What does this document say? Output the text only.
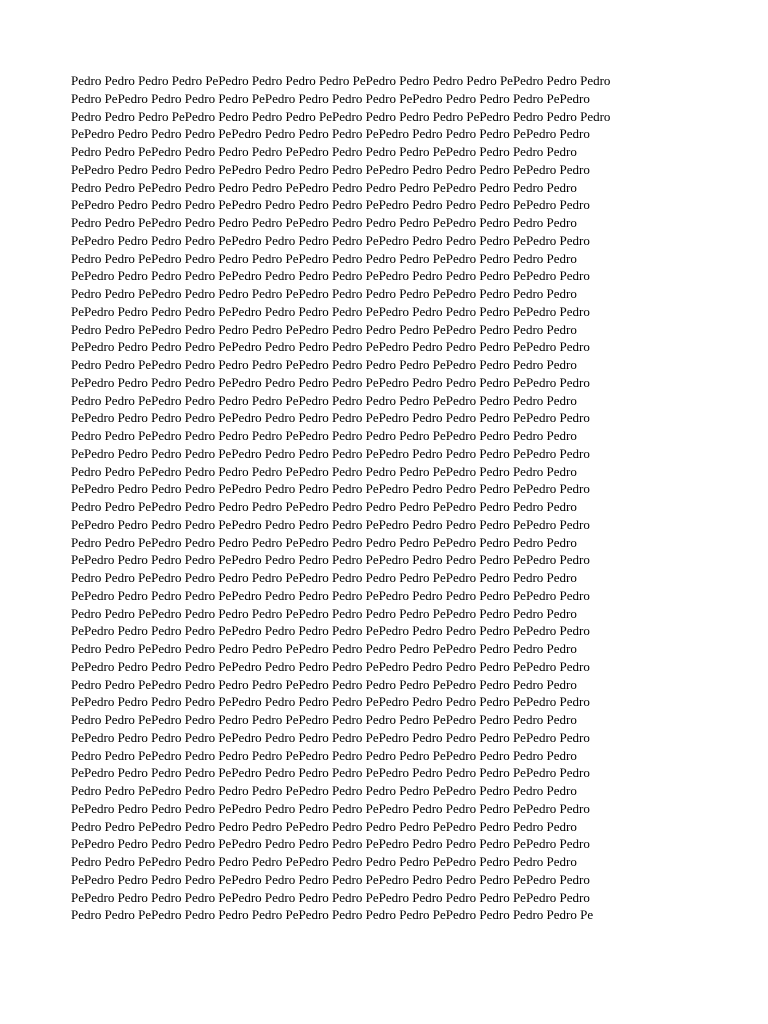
Pedro Pedro Pedro Pedro PePedro Pedro Pedro Pedro PePedro Pedro Pedro Pedro PePedro Pedro Pedro
Pedro PePedro Pedro Pedro Pedro PePedro Pedro Pedro Pedro PePedro Pedro Pedro Pedro PePedro
Pedro Pedro Pedro PePedro Pedro Pedro Pedro PePedro Pedro Pedro Pedro PePedro Pedro Pedro Pedro
PePedro Pedro Pedro Pedro PePedro Pedro Pedro Pedro PePedro Pedro Pedro Pedro PePedro Pedro
Pedro Pedro PePedro Pedro Pedro Pedro PePedro Pedro Pedro Pedro PePedro Pedro Pedro Pedro
PePedro Pedro Pedro Pedro PePedro Pedro Pedro Pedro PePedro Pedro Pedro Pedro PePedro Pedro
Pedro Pedro PePedro Pedro Pedro Pedro PePedro Pedro Pedro Pedro PePedro Pedro Pedro Pedro
PePedro Pedro Pedro Pedro PePedro Pedro Pedro Pedro PePedro Pedro Pedro Pedro PePedro Pedro
Pedro Pedro PePedro Pedro Pedro Pedro PePedro Pedro Pedro Pedro PePedro Pedro Pedro Pedro
PePedro Pedro Pedro Pedro PePedro Pedro Pedro Pedro PePedro Pedro Pedro Pedro PePedro Pedro
Pedro Pedro PePedro Pedro Pedro Pedro PePedro Pedro Pedro Pedro PePedro Pedro Pedro Pedro
PePedro Pedro Pedro Pedro PePedro Pedro Pedro Pedro PePedro Pedro Pedro Pedro PePedro Pedro
Pedro Pedro PePedro Pedro Pedro Pedro PePedro Pedro Pedro Pedro PePedro Pedro Pedro Pedro
PePedro Pedro Pedro Pedro PePedro Pedro Pedro Pedro PePedro Pedro Pedro Pedro PePedro Pedro
Pedro Pedro PePedro Pedro Pedro Pedro PePedro Pedro Pedro Pedro PePedro Pedro Pedro Pedro
PePedro Pedro Pedro Pedro PePedro Pedro Pedro Pedro PePedro Pedro Pedro Pedro PePedro Pedro
Pedro Pedro PePedro Pedro Pedro Pedro PePedro Pedro Pedro Pedro PePedro Pedro Pedro Pedro
PePedro Pedro Pedro Pedro PePedro Pedro Pedro Pedro PePedro Pedro Pedro Pedro PePedro Pedro
Pedro Pedro PePedro Pedro Pedro Pedro PePedro Pedro Pedro Pedro PePedro Pedro Pedro Pedro
PePedro Pedro Pedro Pedro PePedro Pedro Pedro Pedro PePedro Pedro Pedro Pedro PePedro Pedro
Pedro Pedro PePedro Pedro Pedro Pedro PePedro Pedro Pedro Pedro PePedro Pedro Pedro Pedro
PePedro Pedro Pedro Pedro PePedro Pedro Pedro Pedro PePedro Pedro Pedro Pedro PePedro Pedro
Pedro Pedro PePedro Pedro Pedro Pedro PePedro Pedro Pedro Pedro PePedro Pedro Pedro Pedro
PePedro Pedro Pedro Pedro PePedro Pedro Pedro Pedro PePedro Pedro Pedro Pedro PePedro Pedro
Pedro Pedro PePedro Pedro Pedro Pedro PePedro Pedro Pedro Pedro PePedro Pedro Pedro Pedro
PePedro Pedro Pedro Pedro PePedro Pedro Pedro Pedro PePedro Pedro Pedro Pedro PePedro Pedro
Pedro Pedro PePedro Pedro Pedro Pedro PePedro Pedro Pedro Pedro PePedro Pedro Pedro Pedro
PePedro Pedro Pedro Pedro PePedro Pedro Pedro Pedro PePedro Pedro Pedro Pedro PePedro Pedro
Pedro Pedro PePedro Pedro Pedro Pedro PePedro Pedro Pedro Pedro PePedro Pedro Pedro Pedro
PePedro Pedro Pedro Pedro PePedro Pedro Pedro Pedro PePedro Pedro Pedro Pedro PePedro Pedro
Pedro Pedro PePedro Pedro Pedro Pedro PePedro Pedro Pedro Pedro PePedro Pedro Pedro Pedro
PePedro Pedro Pedro Pedro PePedro Pedro Pedro Pedro PePedro Pedro Pedro Pedro PePedro Pedro
Pedro Pedro PePedro Pedro Pedro Pedro PePedro Pedro Pedro Pedro PePedro Pedro Pedro Pedro
PePedro Pedro Pedro Pedro PePedro Pedro Pedro Pedro PePedro Pedro Pedro Pedro PePedro Pedro
Pedro Pedro PePedro Pedro Pedro Pedro PePedro Pedro Pedro Pedro PePedro Pedro Pedro Pedro
PePedro Pedro Pedro Pedro PePedro Pedro Pedro Pedro PePedro Pedro Pedro Pedro PePedro Pedro
Pedro Pedro PePedro Pedro Pedro Pedro PePedro Pedro Pedro Pedro PePedro Pedro Pedro Pedro
PePedro Pedro Pedro Pedro PePedro Pedro Pedro Pedro PePedro Pedro Pedro Pedro PePedro Pedro
Pedro Pedro PePedro Pedro Pedro Pedro PePedro Pedro Pedro Pedro PePedro Pedro Pedro Pedro
PePedro Pedro Pedro Pedro PePedro Pedro Pedro Pedro PePedro Pedro Pedro Pedro PePedro Pedro
Pedro Pedro PePedro Pedro Pedro Pedro PePedro Pedro Pedro Pedro PePedro Pedro Pedro Pedro
PePedro Pedro Pedro Pedro PePedro Pedro Pedro Pedro PePedro Pedro Pedro Pedro PePedro Pedro
Pedro Pedro PePedro Pedro Pedro Pedro PePedro Pedro Pedro Pedro PePedro Pedro Pedro Pedro
PePedro Pedro Pedro Pedro PePedro Pedro Pedro Pedro PePedro Pedro Pedro Pedro PePedro Pedro
Pedro Pedro PePedro Pedro Pedro Pedro PePedro Pedro Pedro Pedro PePedro Pedro Pedro Pedro
PePedro Pedro Pedro Pedro PePedro Pedro Pedro Pedro PePedro Pedro Pedro Pedro PePedro Pedro
PePedro Pedro Pedro Pedro PePedro Pedro Pedro Pedro PePedro Pedro Pedro Pedro PePedro Pedro
Pedro Pedro PePedro Pedro Pedro Pedro PePedro Pedro Pedro Pedro PePedro Pedro Pedro Pedro Pe
